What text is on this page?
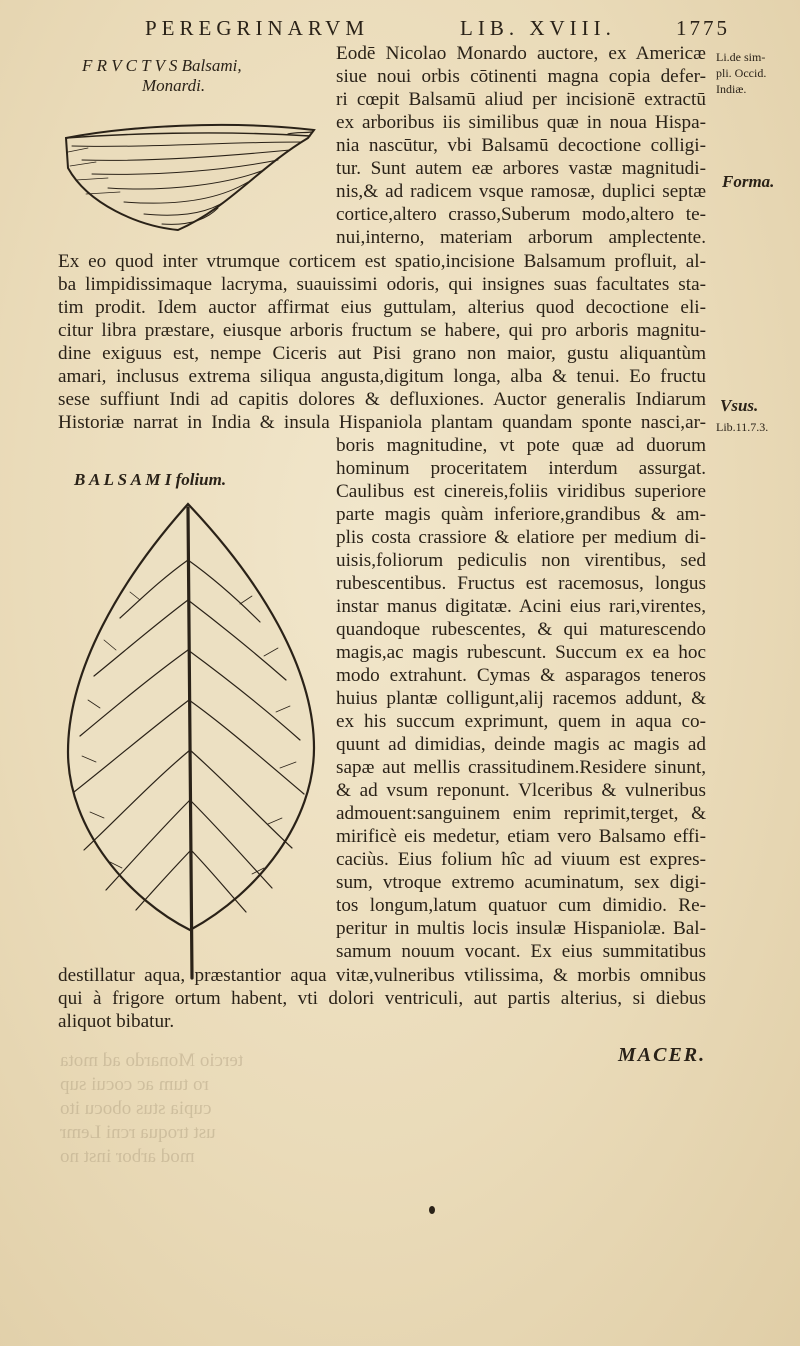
PEREGRINARVM	LIB. XVIII.	1775
F R V C T V S Balsami,
Monardi.
B A L S A M I folium.
Eodē Nicolao Monardo auctore, ex Americæ
siue noui orbis cōtinenti magna copia defer-
ri cœpit Balsamū aliud per incisionē extractū
ex arboribus iis similibus quæ in noua Hispa-
nia nascūtur, vbi Balsamū decoctione colligi-
tur. Sunt autem eæ arbores vastæ magnitudi-
nis,& ad radicem vsque ramosæ, duplici septæ
cortice,altero crasso,Suberum modo,altero te-
nui,interno, materiam arborum amplectente.
Ex eo quod inter vtrumque corticem est spatio,incisione Balsamum profluit, al-
ba limpidissimaque lacryma, suauissimi odoris, qui insignes suas facultates sta-
tim prodit. Idem auctor affirmat eius guttulam, alterius quod decoctione eli-
citur libra præstare, eiusque arboris fructum se habere, qui pro arboris magnitu-
dine exiguus est, nempe Ciceris aut Pisi grano non maior, gustu aliquantùm
amari, inclusus extrema siliqua angusta,digitum longa, alba & tenui. Eo fructu
sese suffiunt Indi ad capitis dolores & defluxiones. Auctor generalis Indiarum
Historiæ narrat in India & insula Hispaniola plantam quandam sponte nasci,ar-
boris magnitudine, vt pote quæ ad duorum
hominum proceritatem interdum assurgat.
Caulibus est cinereis,foliis viridibus superiore
parte magis quàm inferiore,grandibus & am-
plis costa crassiore & elatiore per medium di-
uisis,foliorum pediculis non virentibus, sed
rubescentibus. Fructus est racemosus, longus
instar manus digitatæ. Acini eius rari,virentes,
quandoque rubescentes, & qui maturescendo
magis,ac magis rubescunt. Succum ex ea hoc
modo extrahunt. Cymas & asparagos teneros
huius plantæ colligunt,alij racemos addunt, &
ex his succum exprimunt, quem in aqua co-
quunt ad dimidias, deinde magis ac magis ad
sapæ aut mellis crassitudinem.Residere sinunt,
& ad vsum reponunt. Vlceribus & vulneribus
admouent:sanguinem enim reprimit,terget, &
mirificè eis medetur, etiam vero Balsamo effi-
caciùs. Eius folium hîc ad viuum est expres-
sum, vtroque extremo acuminatum, sex digi-
tos longum,latum quatuor cum dimidio. Re-
peritur in multis locis insulæ Hispaniolæ. Bal-
samum nouum vocant. Ex eius summitatibus
destillatur aqua, præstantior aqua vitæ,vulneribus vtilissima, & morbis omnibus
qui à frigore ortum habent, vti dolori ventriculi, aut partis alterius, si diebus
aliquot bibatur.
Li.de sim-
pli. Occid.
Indiæ.
Forma.
Vsus.
Lib.11.7.3.
MACER.
tercio Monardo ad mota
ro tum ac cocui sup
cupia stus obocu ito
ust troqua rcni Lemr
mod arbor inst no
